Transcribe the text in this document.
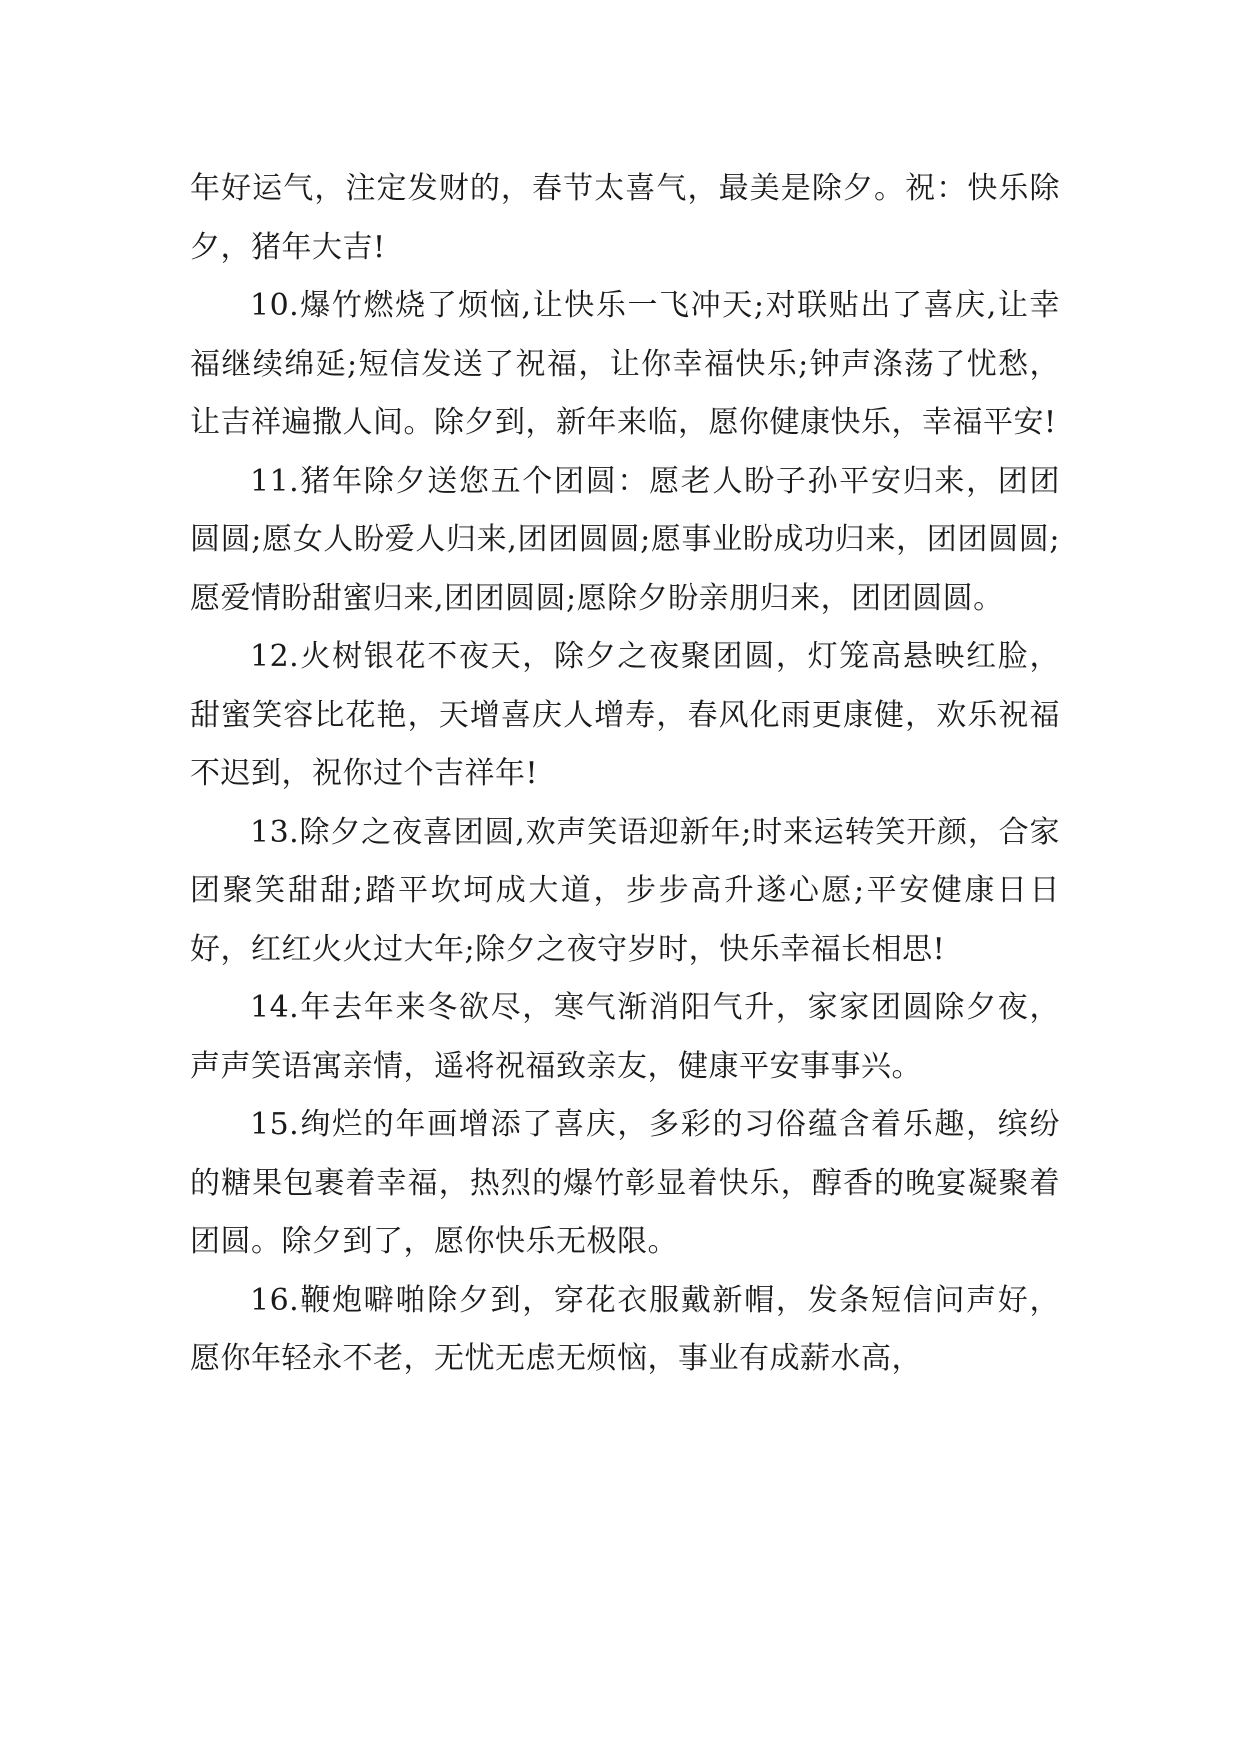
年好运气，注定发财的，春节太喜气，最美是除夕。祝：快乐除夕，猪年大吉!

10.爆竹燃烧了烦恼,让快乐一飞冲天;对联贴出了喜庆,让幸福继续绵延;短信发送了祝福，让你幸福快乐;钟声涤荡了忧愁，让吉祥遍撒人间。除夕到，新年来临，愿你健康快乐，幸福平安!

11.猪年除夕送您五个团圆：愿老人盼子孙平安归来，团团圆圆;愿女人盼爱人归来,团团圆圆;愿事业盼成功归来，团团圆圆;愿爱情盼甜蜜归来,团团圆圆;愿除夕盼亲朋归来，团团圆圆。

12.火树银花不夜天，除夕之夜聚团圆，灯笼高悬映红脸，甜蜜笑容比花艳，天增喜庆人增寿，春风化雨更康健，欢乐祝福不迟到，祝你过个吉祥年!

13.除夕之夜喜团圆,欢声笑语迎新年;时来运转笑开颜，合家团聚笑甜甜;踏平坎坷成大道，步步高升遂心愿;平安健康日日好，红红火火过大年;除夕之夜守岁时，快乐幸福长相思!

14.年去年来冬欲尽，寒气渐消阳气升，家家团圆除夕夜，声声笑语寓亲情，遥将祝福致亲友，健康平安事事兴。

15.绚烂的年画增添了喜庆，多彩的习俗蕴含着乐趣，缤纷的糖果包裹着幸福，热烈的爆竹彰显着快乐，醇香的晚宴凝聚着团圆。除夕到了，愿你快乐无极限。

16.鞭炮噼啪除夕到，穿花衣服戴新帽，发条短信问声好，愿你年轻永不老，无忧无虑无烦恼，事业有成薪水高，
